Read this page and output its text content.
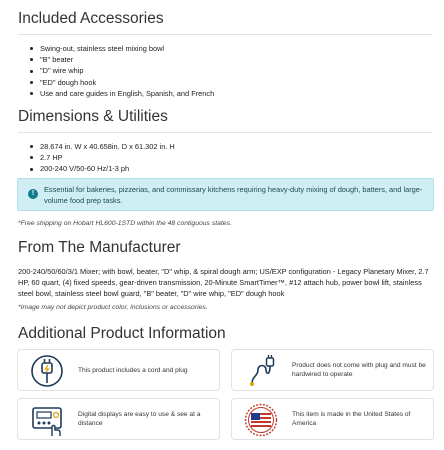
Included Accessories
Swing-out, stainless steel mixing bowl
"B" beater
"D" wire whip
"ED" dough hook
Use and care guides in English, Spanish, and French
Dimensions & Utilities
28.674 in. W x 40.658in. D x 61.302 in. H
2.7 HP
200-240 V/50-60 Hz/1-3 ph
!	Essential for bakeries, pizzerias, and commissary kitchens requiring heavy-duty mixing of dough, batters, and large-volume food prep tasks.
*Free shipping on Hobart HL600-1STD within the 48 contiguous states.
From The Manufacturer
200-240/50/60/3/1 Mixer; with bowl, beater, "D" whip, & spiral dough arm; US/EXP configuration - Legacy Planetary Mixer, 2.7 HP, 60 quart, (4) fixed speeds, gear-driven transmission, 20-Minute SmartTimer™, #12 attach hub, power bowl lift, stainless steel bowl, stainless steel bowl guard, "B" beater, "D" wire whip, "ED" dough hook
*Image may not depict product color, inclusions or accessories.
Additional Product Information
This product includes a cord and plug
Product does not come with plug and must be hardwired to operate
Digital displays are easy to use & see at a distance
This item is made in the United States of America
